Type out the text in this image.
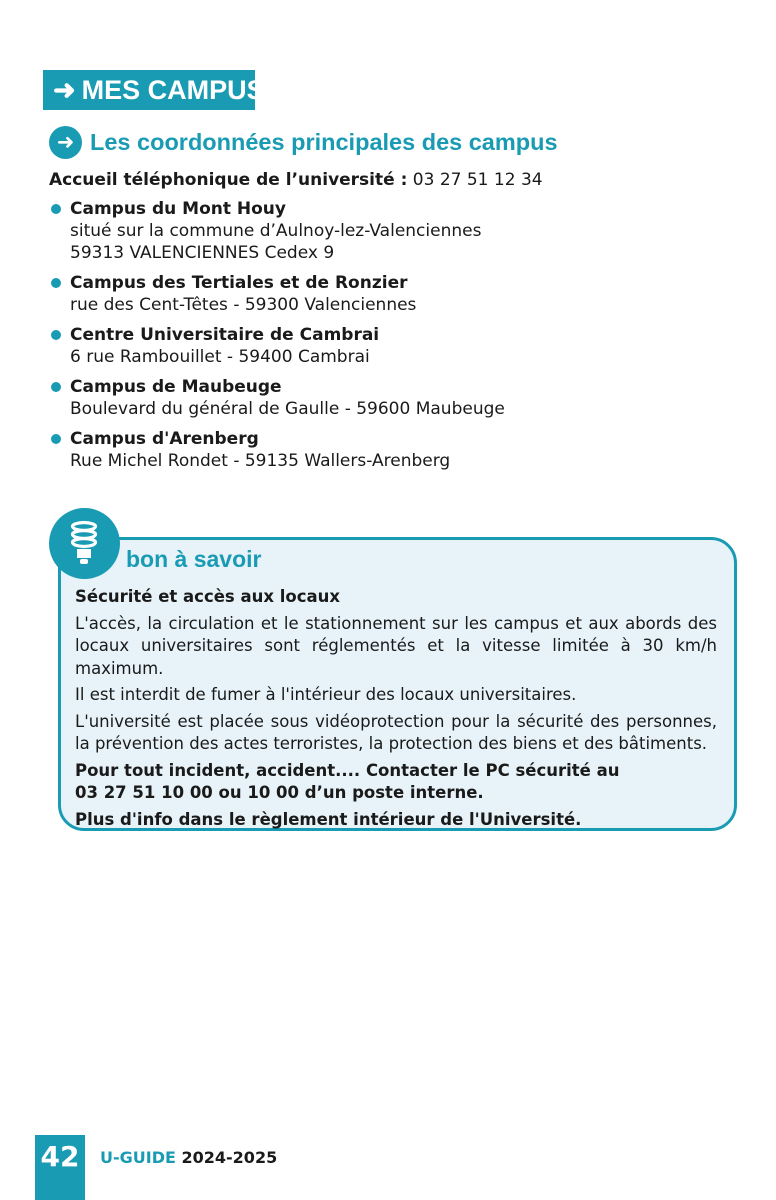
➜ MES CAMPUS
➜ Les coordonnées principales des campus
Accueil téléphonique de l’université : 03 27 51 12 34
Campus du Mont Houy
situé sur la commune d’Aulnoy-lez-Valenciennes
59313 VALENCIENNES Cedex 9
Campus des Tertiales et de Ronzier
rue des Cent-Têtes - 59300 Valenciennes
Centre Universitaire de Cambrai
6 rue Rambouillet - 59400 Cambrai
Campus de Maubeuge
Boulevard du général de Gaulle - 59600 Maubeuge
Campus d'Arenberg
Rue Michel Rondet - 59135 Wallers-Arenberg
bon à savoir

Sécurité et accès aux locaux

L'accès, la circulation et le stationnement sur les campus et aux abords des locaux universitaires sont réglementés et la vitesse limitée à 30 km/h maximum.

Il est interdit de fumer à l'intérieur des locaux universitaires.

L'université est placée sous vidéoprotection pour la sécurité des personnes, la prévention des actes terroristes, la protection des biens et des bâtiments.

Pour tout incident, accident.... Contacter le PC sécurité au
03 27 51 10 00 ou 10 00 d’un poste interne.

Plus d'info dans le règlement intérieur de l'Université.

42	U-GUIDE 2024-2025
